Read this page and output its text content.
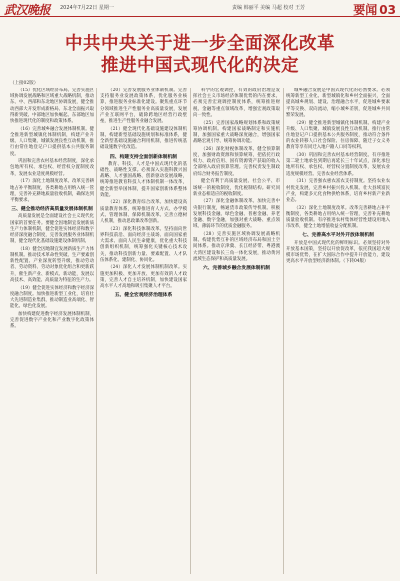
武汉晚报 2024年7月22日 星期一	责编 韩丽平 美编 马超 校对 王芳	要闻 03
中共中央关于进一步全面深化改革
推进中国式现代化的决定
（上接02版）

（15）优化区域经济布局。完善实施区域协调发展战略和区域重大战略机制，推动东、中、西部和东北地区协调发展，健全推动西部大开发形成新格局、东北全面振兴取得新突破、中部地区加快崛起、东部地区加快推进现代化的制度和政策体系。

（16）完善城乡融合发展体制机制。健全推进新型城镇化体制机制，构建产业升级、人口集聚、城镇发展良性互动机制，推行由常住地登记户口提供基本公共服务制度。

巩固和完善农村基本经营制度，深化承包地所有权、承包权、经营权分置制度改革，发展农业适度规模经营。

（17）深化土地制度改革。改革完善耕地占补平衡制度，各类耕地占用纳入统一管理，完善补充耕地质量验收机制，确保达到平衡要求。

三、健全推动经济高质量发展体制机制

高质量发展是全面建设社会主义现代化国家的首要任务。要健全因地制宜发展新质生产力体制机制，健全促进实体经济和数字经济深度融合制度，完善发展服务业体制机制，健全现代化基础设施建设体制机制。

（18）健全因地制宜发展新质生产力体制机制。推动技术革命性突破、生产要素创新性配置、产业深度转型升级，推动劳动者、劳动资料、劳动对象优化组合和更新跃升，催生新产业、新模式、新动能，发展以高技术、高效能、高质量为特征的生产力。

（19）健全促进实体经济和数字经济深度融合制度。加快推进新型工业化，培育壮大先进制造业集群，推动制造业高端化、智能化、绿色化发展。

加快构建促进数字经济发展体制机制，完善促进数字产业化和产业数字化政策体系。

（20）完善发展服务业体制机制。完善支持服务业发展政策体系，优化服务业核算，推进服务业标准化建设。聚焦重点环节分领域推进生产性服务业高质量发展，发展产业互联网平台，破除跨地区经营行政壁垒，推进生产性服务业融合发展。

（21）健全现代化基础设施建设体制机制。构建新型基础设施规划和标准体系，健全新型基础设施融合利用机制，推进传统基础设施数字化改造。

四、构建支持全面创新体制机制

教育、科技、人才是中国式现代化的基础性、战略性支撑。必须深入实施科教兴国战略、人才强国战略、创新驱动发展战略，统筹推进教育科技人才体制机制一体改革，健全新型举国体制，提升国家创新体系整体效能。

（22）深化教育综合改革。加快建设高质量教育体系，统筹推进育人方式、办学模式、管理体制、保障机制改革。完善立德树人机制，推动思政课改革创新。

（23）深化科技体制改革。坚持面向世界科技前沿、面向经济主战场、面向国家重大需求、面向人民生命健康，优化重大科技创新组织机制，统筹强化关键核心技术攻关，推动科技创新力量、要素配置、人才队伍体系化、建制化、协同化。

（24）深化人才发展体制机制改革。实施更加积极、更加开放、更加有效的人才政策，完善人才自主培养机制，加快建设国家高水平人才高地和吸引集聚人才平台。

五、健全宏观经济治理体系

科学的宏观调控，有效的政府治理是发挥社会主义市场经济体制优势的内在要求。必须完善宏观调控制度体系，统筹推进财税、金融等重点领域改革，增强宏观政策取向一致性。

（25）完善国家战略规划体系和政策统筹协调机制。构建国家战略制定和实施机制，加强国家重大战略深度融合，增强国家战略宏观引导、统筹协调功能。

（26）深化财税体制改革。健全预算制度，加强财政资源和预算统筹，把依托行政权力、政府信用、国有资源资产获取的收入全部纳入政府预算管理。完善权责发生制政府综合财务报告制度。

健全有利于高质量发展、社会公平、市场统一的税收制度，优化税制结构。研究同新业态相适应的税收制度。

（27）深化金融体制改革。加快完善中央银行制度，畅通货币政策传导机制。积极发展科技金融、绿色金融、普惠金融、养老金融、数字金融，加强对重大战略、重点领域、薄弱环节的优质金融服务。

（28）完善实施区域协调发展战略机制。构建优势互补的区域经济布局和国土空间体系。推动京津冀、长江经济带、粤港澳大湾区建设和长三角一体化发展，推动黄河流域生态保护和高质量发展。

六、完善城乡融合发展体制机制

城乡融合发展是中国式现代化的必然要求。必须统筹新型工业化、新型城镇化和乡村全面振兴，全面提高城乡规划、建设、治理融合水平，促进城乡要素平等交换、双向流动，缩小城乡差别，促进城乡共同繁荣发展。

（29）健全推进新型城镇化体制机制。构建产业升级、人口集聚、城镇发展良性互动机制。推行由常住地登记户口提供基本公共服务制度，推动符合条件的农业转移人口社会保险、住房保障、随迁子女义务教育等享有同迁入地户籍人口同等权利。

（30）巩固和完善农村基本经营制度。有序推进第二轮土地承包到期后再延长三十年试点，深化承包地所有权、承包权、经营权分置制度改革，发展农业适度规模经营。完善农业经营体系。

（31）完善强农惠农富农支持制度。坚持农业农村优先发展，完善乡村振兴投入机制。壮大县域富民产业，构建多元化食物供给体系，培育乡村新产业新业态。

（32）深化土地制度改革。改革完善耕地占补平衡制度，各类耕地占用纳入统一管理，完善补充耕地质量验收机制。有序推进农村集体经营性建设用地入市改革，健全土地增值收益分配机制。

七、完善高水平对外开放体制机制

开放是中国式现代化的鲜明标识。必须坚持对外开放基本国策，坚持以开放促改革，依托我国超大规模市场优势，在扩大国际合作中提升开放能力，建设更高水平开放型经济新体制。（下转04版）
